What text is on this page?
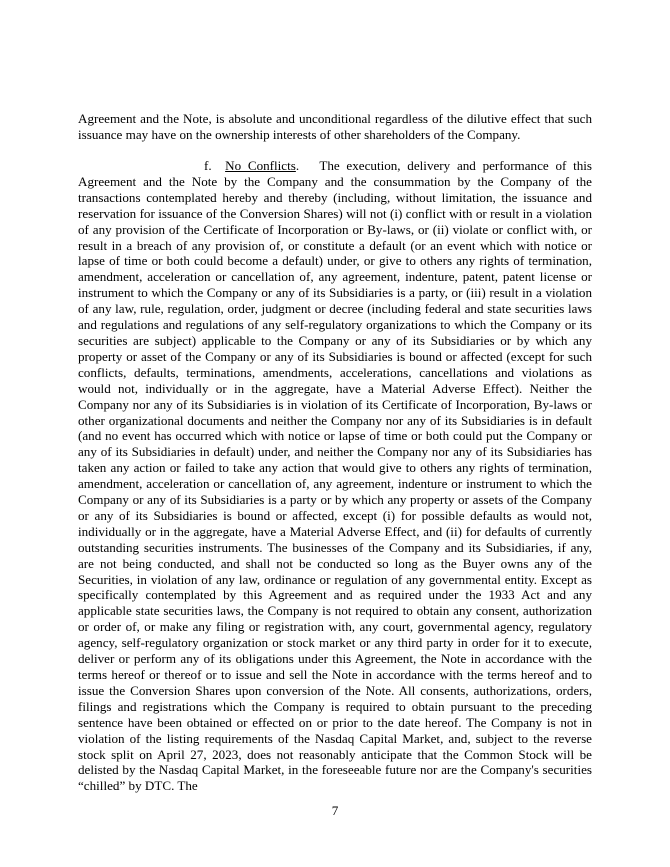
Agreement and the Note, is absolute and unconditional regardless of the dilutive effect that such issuance may have on the ownership interests of other shareholders of the Company.

f. No Conflicts. The execution, delivery and performance of this Agreement and the Note by the Company and the consummation by the Company of the transactions contemplated hereby and thereby (including, without limitation, the issuance and reservation for issuance of the Conversion Shares) will not (i) conflict with or result in a violation of any provision of the Certificate of Incorporation or By-laws, or (ii) violate or conflict with, or result in a breach of any provision of, or constitute a default (or an event which with notice or lapse of time or both could become a default) under, or give to others any rights of termination, amendment, acceleration or cancellation of, any agreement, indenture, patent, patent license or instrument to which the Company or any of its Subsidiaries is a party, or (iii) result in a violation of any law, rule, regulation, order, judgment or decree (including federal and state securities laws and regulations and regulations of any self-regulatory organizations to which the Company or its securities are subject) applicable to the Company or any of its Subsidiaries or by which any property or asset of the Company or any of its Subsidiaries is bound or affected (except for such conflicts, defaults, terminations, amendments, accelerations, cancellations and violations as would not, individually or in the aggregate, have a Material Adverse Effect). Neither the Company nor any of its Subsidiaries is in violation of its Certificate of Incorporation, By-laws or other organizational documents and neither the Company nor any of its Subsidiaries is in default (and no event has occurred which with notice or lapse of time or both could put the Company or any of its Subsidiaries in default) under, and neither the Company nor any of its Subsidiaries has taken any action or failed to take any action that would give to others any rights of termination, amendment, acceleration or cancellation of, any agreement, indenture or instrument to which the Company or any of its Subsidiaries is a party or by which any property or assets of the Company or any of its Subsidiaries is bound or affected, except (i) for possible defaults as would not, individually or in the aggregate, have a Material Adverse Effect, and (ii) for defaults of currently outstanding securities instruments. The businesses of the Company and its Subsidiaries, if any, are not being conducted, and shall not be conducted so long as the Buyer owns any of the Securities, in violation of any law, ordinance or regulation of any governmental entity. Except as specifically contemplated by this Agreement and as required under the 1933 Act and any applicable state securities laws, the Company is not required to obtain any consent, authorization or order of, or make any filing or registration with, any court, governmental agency, regulatory agency, self-regulatory organization or stock market or any third party in order for it to execute, deliver or perform any of its obligations under this Agreement, the Note in accordance with the terms hereof or thereof or to issue and sell the Note in accordance with the terms hereof and to issue the Conversion Shares upon conversion of the Note. All consents, authorizations, orders, filings and registrations which the Company is required to obtain pursuant to the preceding sentence have been obtained or effected on or prior to the date hereof. The Company is not in violation of the listing requirements of the Nasdaq Capital Market, and, subject to the reverse stock split on April 27, 2023, does not reasonably anticipate that the Common Stock will be delisted by the Nasdaq Capital Market, in the foreseeable future nor are the Company's securities “chilled” by DTC. The

7
